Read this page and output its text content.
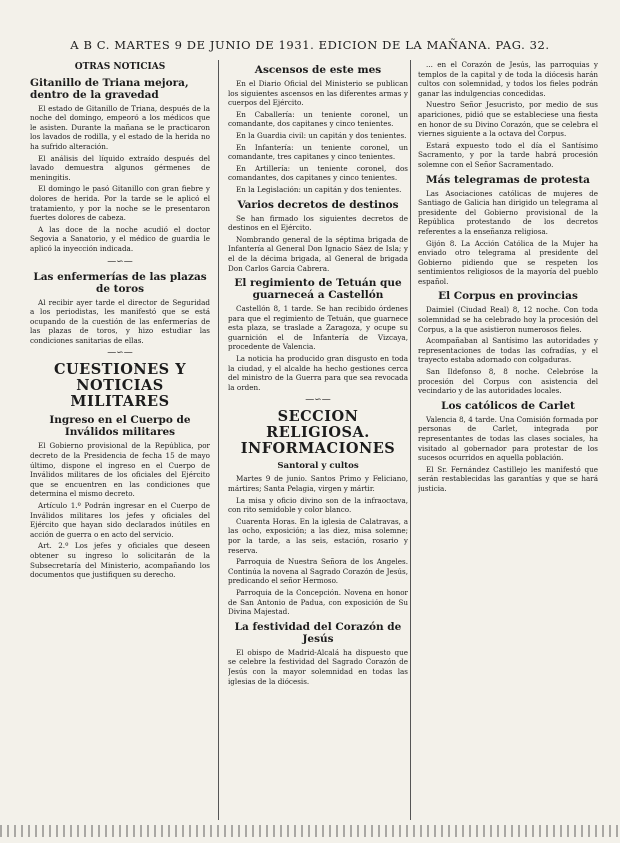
A B C. MARTES 9 DE JUNIO DE 1931. EDICION DE LA MAÑANA. PAG. 32.
OTRAS NOTICIAS
Gitanillo de Triana mejora, dentro de la gravedad

El estado de Gitanillo de Triana, después de la noche del domingo, empeoró a los médicos que le asisten. Durante la mañana se le practicaron los lavados de rodilla, y el estado de la herida no ha sufrido alteración.

El análisis del líquido extraído después del lavado demuestra algunos gérmenes de meningitis.

El domingo le pasó Gitanillo con gran fiebre y dolores de herida. Por la tarde se le aplicó el tratamiento, y por la noche se le presentaron fuertes dolores de cabeza.

A las doce de la noche acudió el doctor Segovia a Sanatorio, y el médico de guardia le aplicó la inyección indicada.

—∽—
Las enfermerías de las plazas de toros

Al recibir ayer tarde el director de Seguridad a los periodistas, les manifestó que se está ocupando de la cuestión de las enfermerías de las plazas de toros, y hizo estudiar las condiciones sanitarias de ellas.

—∽—
CUESTIONES Y NOTICIAS MILITARES
Ingreso en el Cuerpo de Inválidos militares

El Gobierno provisional de la República, por decreto de la Presidencia de fecha 15 de mayo último, dispone el ingreso en el Cuerpo de Inválidos militares de los oficiales del Ejército que se encuentren en las condiciones que determina el mismo decreto.

Artículo 1.º Podrán ingresar en el Cuerpo de Inválidos militares los jefes y oficiales del Ejército que hayan sido declarados inútiles en acción de guerra o en acto del servicio.

Art. 2.º Los jefes y oficiales que deseen obtener su ingreso lo solicitarán de la Subsecretaría del Ministerio, acompañando los documentos que justifiquen su derecho.

Ascensos de este mes

En el Diario Oficial del Ministerio se publican los siguientes ascensos en las diferentes armas y cuerpos del Ejército.

En Caballería: un teniente coronel, un comandante, dos capitanes y cinco tenientes.

En la Guardia civil: un capitán y dos tenientes.

En Infantería: un teniente coronel, un comandante, tres capitanes y cinco tenientes.

En Artillería: un teniente coronel, dos comandantes, dos capitanes y cinco tenientes.

En la Legislación: un capitán y dos tenientes.

Varios decretos de destinos

Se han firmado los siguientes decretos de destinos en el Ejército.

Nombrando general de la séptima brigada de Infantería al General Don Ignacio Sáez de Isla; y el de la décima brigada, al General de brigada Don Carlos Garcia Cabrera.

El regimiento de Tetuán que guarneceá a Castellón

Castellón 8, 1 tarde. Se han recibido órdenes para que el regimiento de Tetuán, que guarnece esta plaza, se traslade a Zaragoza, y ocupe su guarnición el de Infantería de Vizcaya, procedente de Valencia.

La noticia ha producido gran disgusto en toda la ciudad, y el alcalde ha hecho gestiones cerca del ministro de la Guerra para que sea revocada la orden.

—∽—
SECCION RELIGIOSA. INFORMACIONES
Santoral y cultos

Martes 9 de junio. Santos Primo y Feliciano, mártires; Santa Pelagia, virgen y mártir.

La misa y oficio divino son de la infraoctava, con rito semidoble y color blanco.

Cuarenta Horas. En la iglesia de Calatravas, a las ocho, exposición; a las diez, misa solemne; por la tarde, a las seis, estación, rosario y reserva.

Parroquia de Nuestra Señora de los Angeles. Continúa la novena al Sagrado Corazón de Jesús, predicando el señor Hermoso.

Parroquia de la Concepción. Novena en honor de San Antonio de Padua, con exposición de Su Divina Majestad.

La festividad del Corazón de Jesús

El obispo de Madrid-Alcalá ha dispuesto que se celebre la festividad del Sagrado Corazón de Jesús con la mayor solemnidad en todas las iglesias de la diócesis.

... en el Corazón de Jesús, las parroquias y templos de la capital y de toda la diócesis harán cultos con solemnidad, y todos los fieles podrán ganar las indulgencias concedidas.

Nuestro Señor Jesucristo, por medio de sus apariciones, pidió que se estableciese una fiesta en honor de su Divino Corazón, que se celebra el viernes siguiente a la octava del Corpus.

Estará expuesto todo el día el Santísimo Sacramento, y por la tarde habrá procesión solemne con el Señor Sacramentado.

Más telegramas de protesta

Las Asociaciones católicas de mujeres de Santiago de Galicia han dirigido un telegrama al presidente del Gobierno provisional de la República protestando de los decretos referentes a la enseñanza religiosa.

Gijón 8. La Acción Católica de la Mujer ha enviado otro telegrama al presidente del Gobierno pidiendo que se respeten los sentimientos religiosos de la mayoría del pueblo español.

El Corpus en provincias

Daimiel (Ciudad Real) 8, 12 noche. Con toda solemnidad se ha celebrado hoy la procesión del Corpus, a la que asistieron numerosos fieles.

Acompañaban al Santísimo las autoridades y representaciones de todas las cofradías, y el trayecto estaba adornado con colgaduras.

San Ildefonso 8, 8 noche. Celebróse la procesión del Corpus con asistencia del vecindario y de las autoridades locales.

Los católicos de Carlet

Valencia 8, 4 tarde. Una Comisión formada por personas de Carlet, integrada por representantes de todas las clases sociales, ha visitado al gobernador para protestar de los sucesos ocurridos en aquella población.

El Sr. Fernández Castillejo les manifestó que serán restablecidas las garantías y que se hará justicia.
